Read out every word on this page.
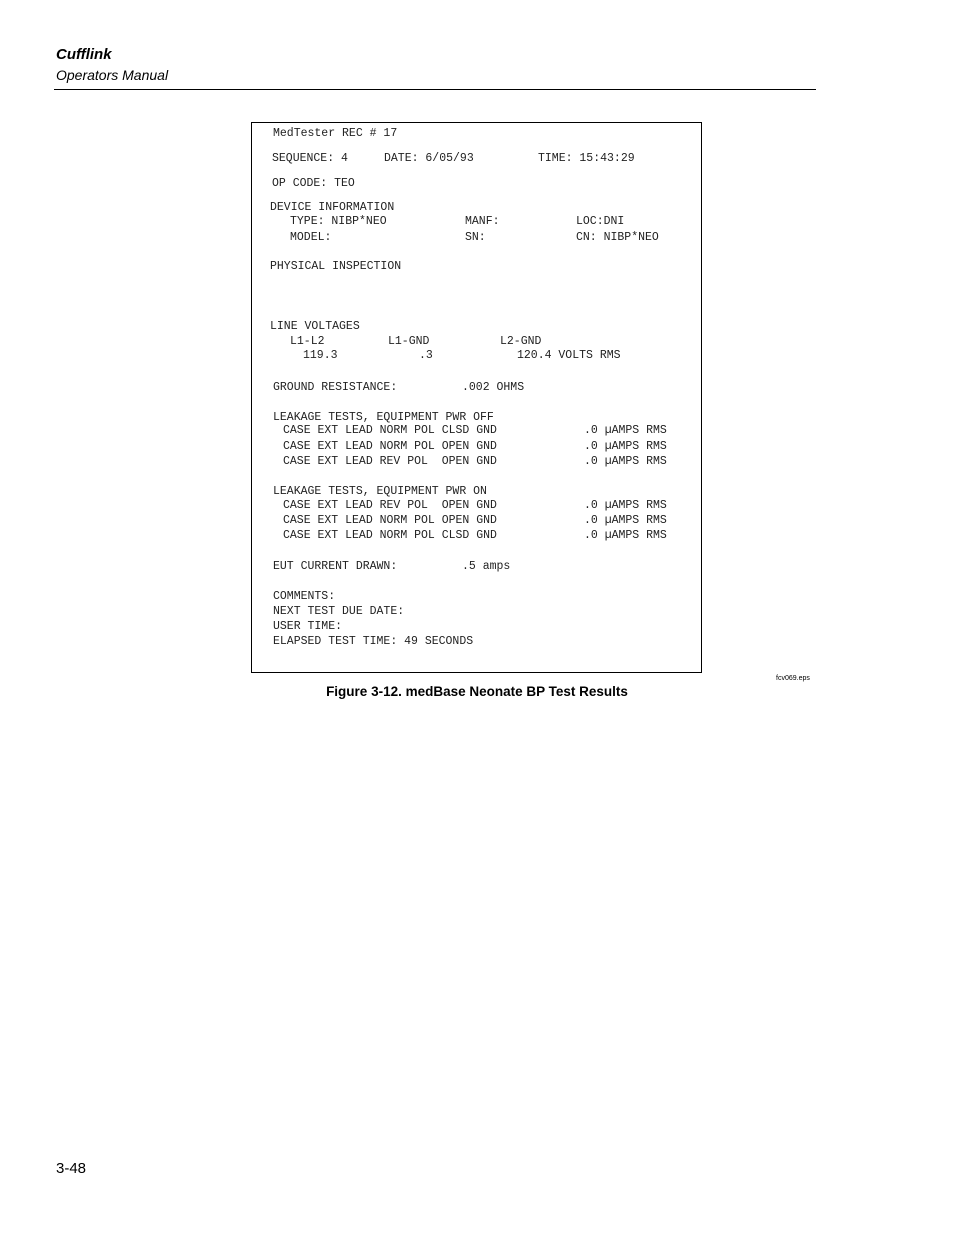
Cufflink
Operators Manual
MedTester REC # 17
SEQUENCE: 4	DATE: 6/05/93	TIME: 15:43:29
OP CODE: TEO
DEVICE INFORMATION
TYPE: NIBP*NEO	MANF:	LOC:DNI
MODEL:	SN:	CN: NIBP*NEO
PHYSICAL INSPECTION
LINE VOLTAGES
L1-L2	L1-GND	L2-GND
119.3	.3	120.4 VOLTS RMS
GROUND RESISTANCE:	.002 OHMS
LEAKAGE TESTS, EQUIPMENT PWR OFF
CASE EXT LEAD NORM POL CLSD GND	.0 µAMPS RMS
CASE EXT LEAD NORM POL OPEN GND	.0 µAMPS RMS
CASE EXT LEAD REV POL  OPEN GND	.0 µAMPS RMS
LEAKAGE TESTS, EQUIPMENT PWR ON
CASE EXT LEAD REV POL  OPEN GND	.0 µAMPS RMS
CASE EXT LEAD NORM POL OPEN GND	.0 µAMPS RMS
CASE EXT LEAD NORM POL CLSD GND	.0 µAMPS RMS
EUT CURRENT DRAWN:	.5 amps
COMMENTS:
NEXT TEST DUE DATE:
USER TIME:
ELAPSED TEST TIME: 49 SECONDS
fcv069.eps
Figure 3-12. medBase Neonate BP Test Results
3-48
